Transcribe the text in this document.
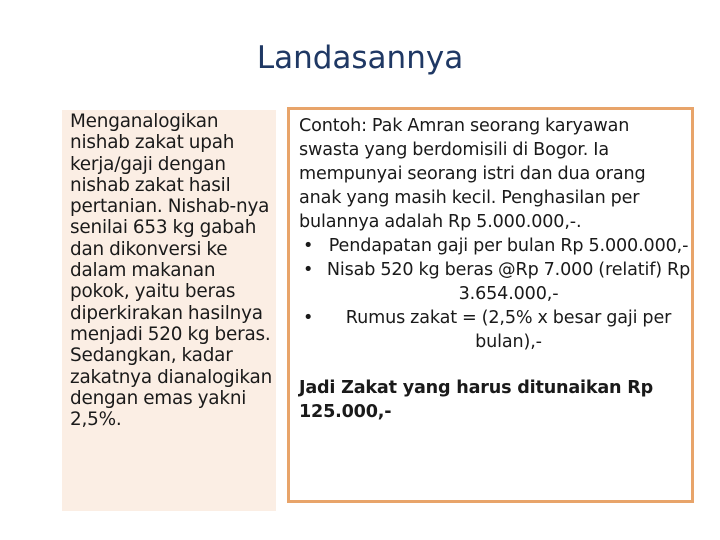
Landasannya
Menganalogikan nishab zakat upah kerja/gaji dengan nishab zakat hasil pertanian. Nishab-nya senilai 653 kg gabah dan dikonversi ke dalam makanan pokok, yaitu beras diperkirakan hasilnya menjadi 520 kg beras. Sedangkan, kadar zakatnya dianalogikan dengan emas yakni 2,5%.
Contoh: Pak Amran seorang karyawan swasta yang berdomisili di Bogor. Ia mempunyai seorang istri dan dua orang anak yang masih kecil. Penghasilan per bulannya adalah Rp 5.000.000,-.
• Pendapatan gaji per bulan Rp 5.000.000,-
• Nisab 520 kg beras @Rp 7.000 (relatif) Rp 3.654.000,-
•	Rumus zakat = (2,5% x besar gaji per bulan),-
Jadi Zakat yang harus ditunaikan Rp 125.000,-
